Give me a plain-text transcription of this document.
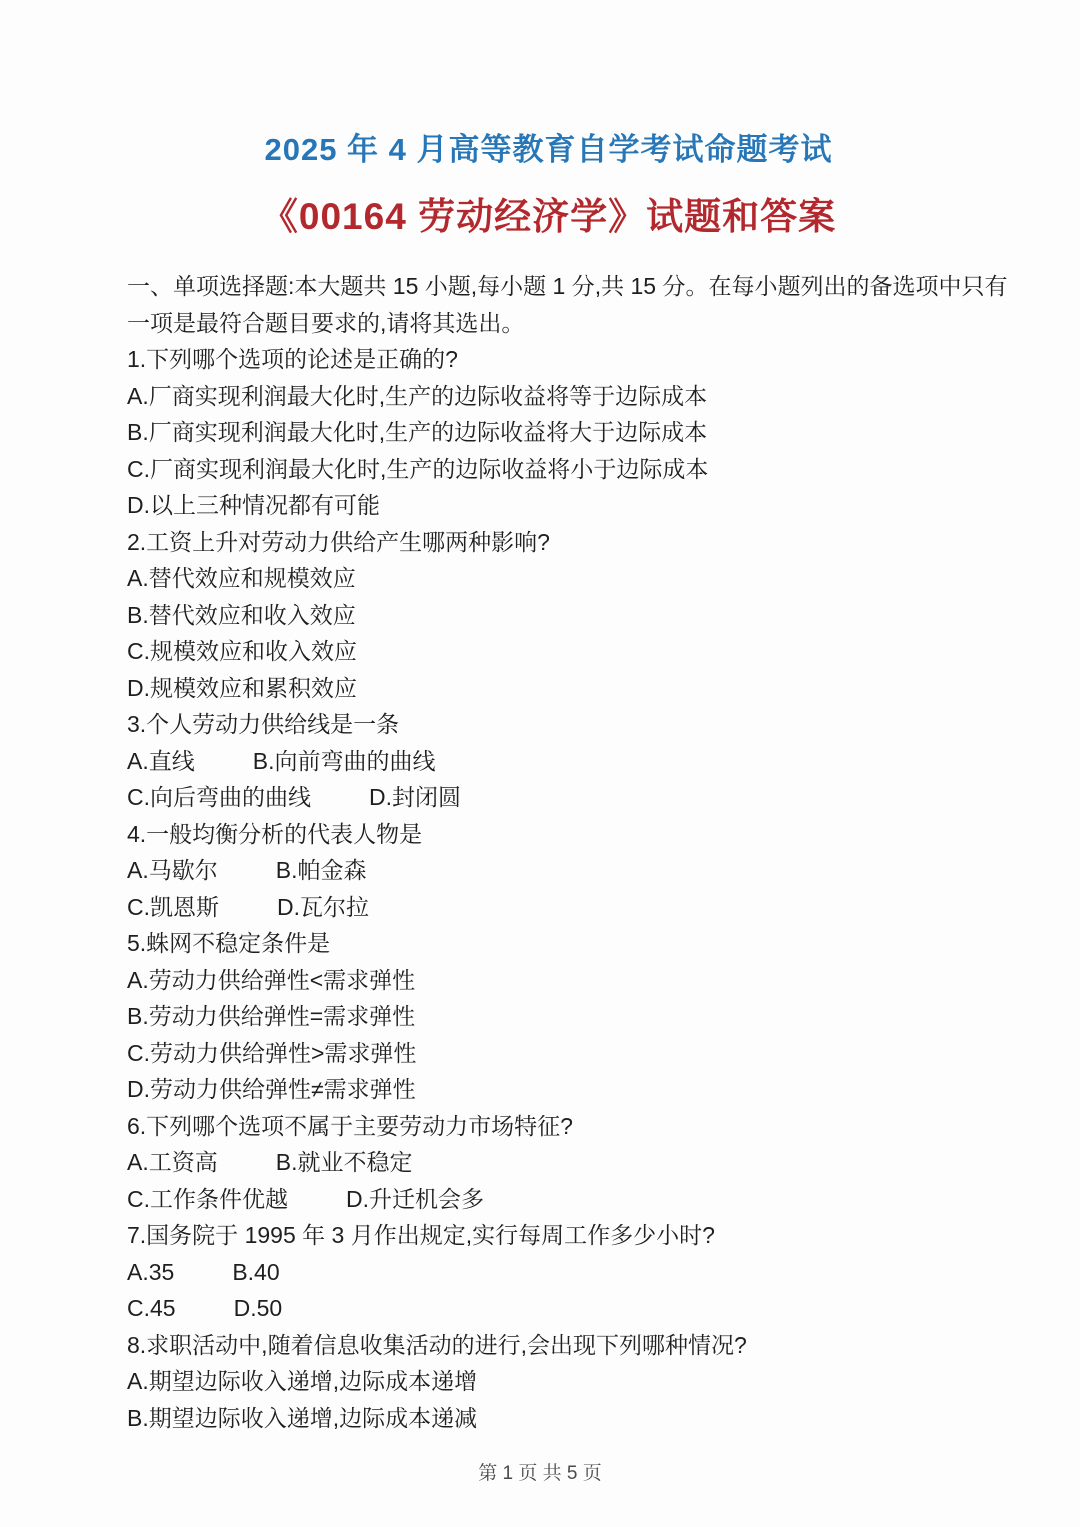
2025 年 4 月高等教育自学考试命题考试
《00164 劳动经济学》试题和答案

一、单项选择题:本大题共 15 小题,每小题 1 分,共 15 分。在每小题列出的备选项中只有

一项是最符合题目要求的,请将其选出。

1.下列哪个选项的论述是正确的?

A.厂商实现利润最大化时,生产的边际收益将等于边际成本

B.厂商实现利润最大化时,生产的边际收益将大于边际成本

C.厂商实现利润最大化时,生产的边际收益将小于边际成本

D.以上三种情况都有可能

2.工资上升对劳动力供给产生哪两种影响?

A.替代效应和规模效应

B.替代效应和收入效应

C.规模效应和收入效应

D.规模效应和累积效应

3.个人劳动力供给线是一条

A.直线	B.向前弯曲的曲线

C.向后弯曲的曲线	D.封闭圆

4.一般均衡分析的代表人物是

A.马歇尔	B.帕金森

C.凯恩斯	D.瓦尔拉

5.蛛网不稳定条件是

A.劳动力供给弹性<需求弹性

B.劳动力供给弹性=需求弹性

C.劳动力供给弹性>需求弹性

D.劳动力供给弹性≠需求弹性

6.下列哪个选项不属于主要劳动力市场特征?

A.工资高	B.就业不稳定

C.工作条件优越	D.升迁机会多

7.国务院于 1995 年 3 月作出规定,实行每周工作多少小时?

A.35	B.40

C.45	D.50

8.求职活动中,随着信息收集活动的进行,会出现下列哪种情况?

A.期望边际收入递增,边际成本递增

B.期望边际收入递增,边际成本递减

第 1 页 共 5 页
